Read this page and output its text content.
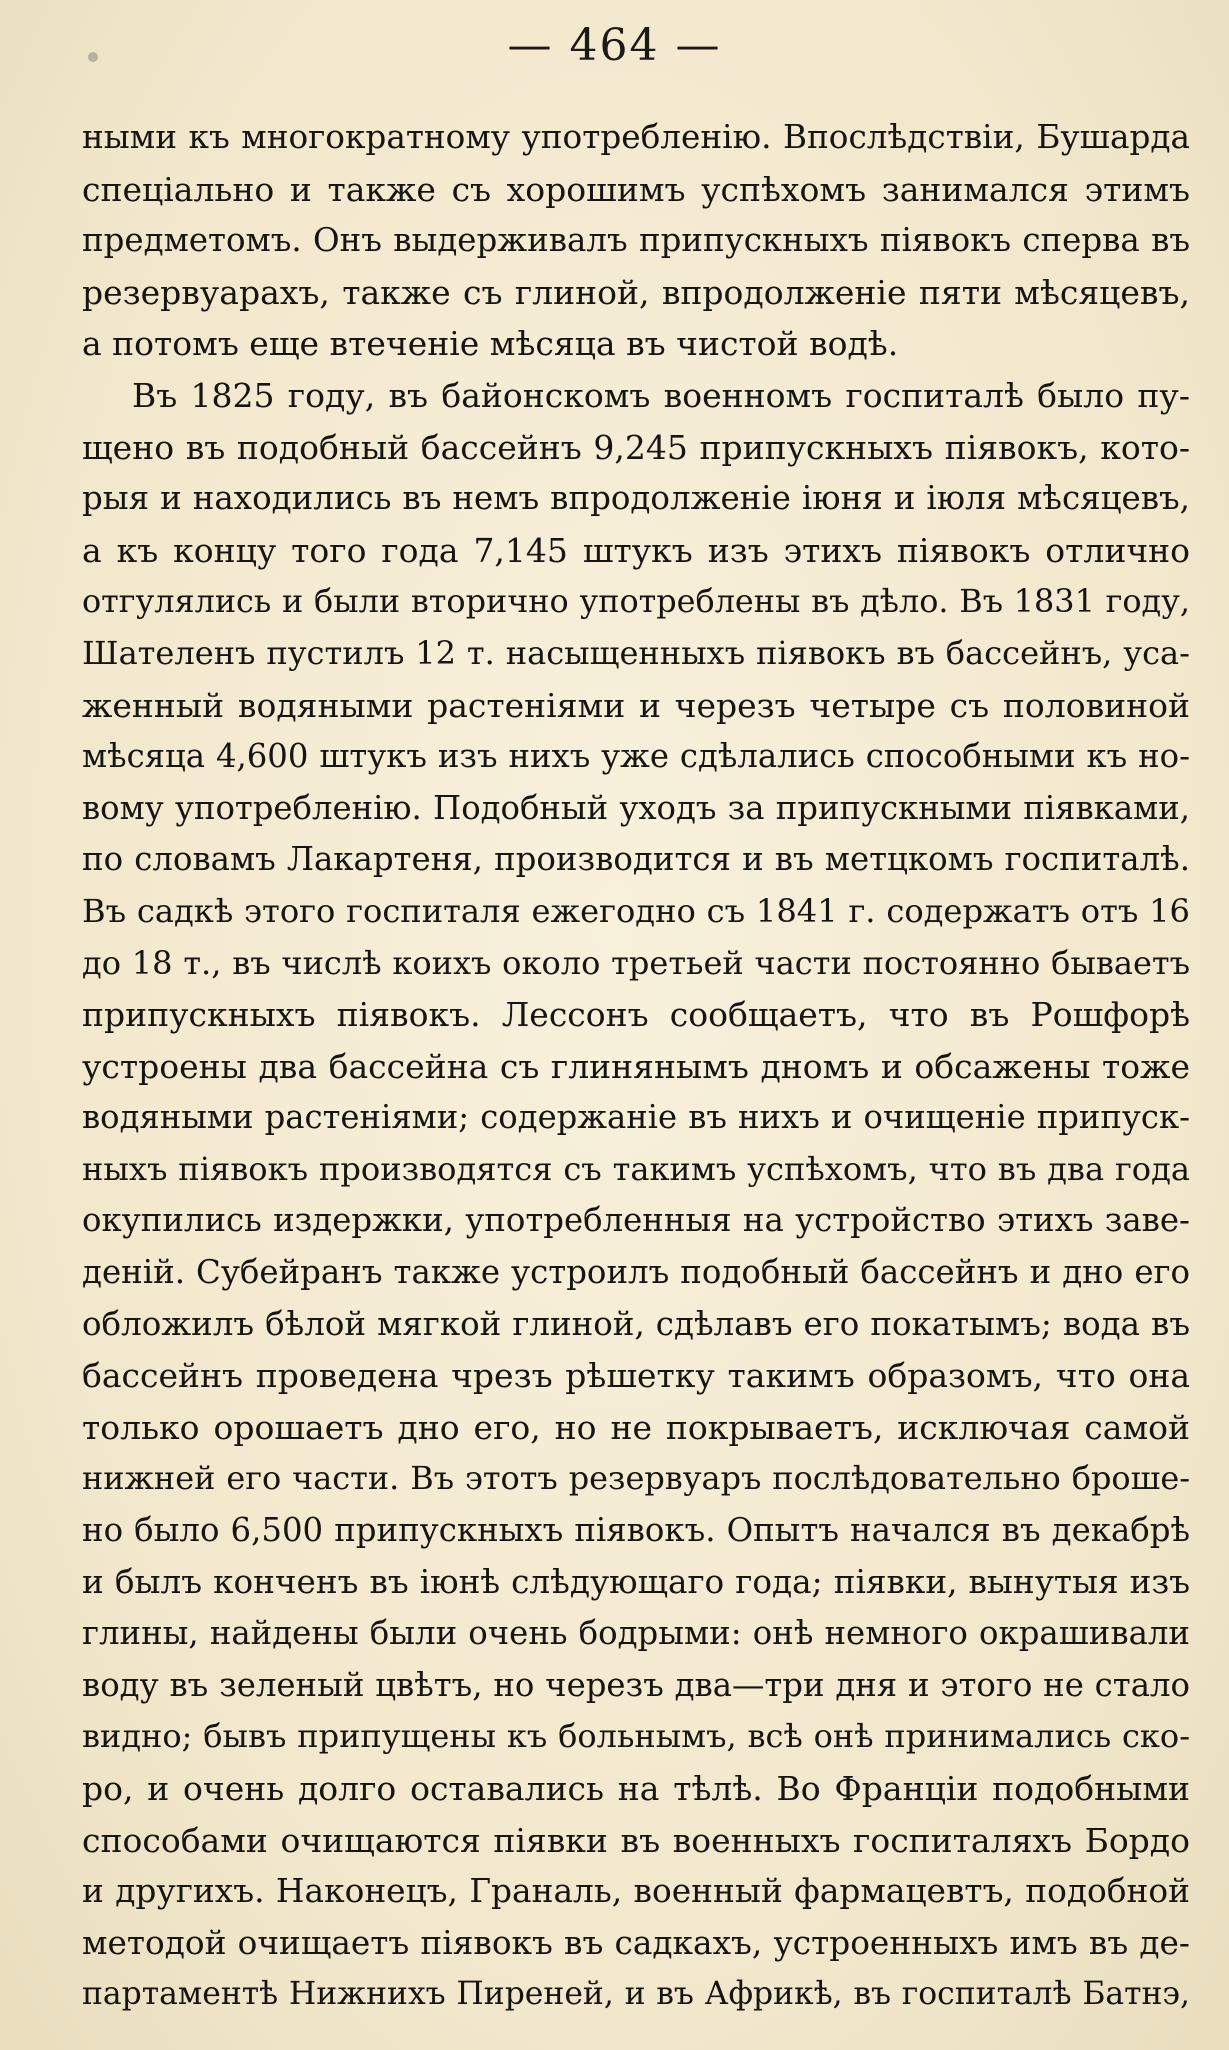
— 464 —
ными къ многократному употребленію. Впослѣдствіи, Бушарда
спеціально и также съ хорошимъ успѣхомъ занимался этимъ
предметомъ. Онъ выдерживалъ припускныхъ піявокъ сперва въ
резервуарахъ, также съ глиной, впродолженіе пяти мѣсяцевъ,
а потомъ еще втеченіе мѣсяца въ чистой водѣ.
Въ 1825 году, въ байонскомъ военномъ госпиталѣ было пу-
щено въ подобный бассейнъ 9,245 припускныхъ піявокъ, кото-
рыя и находились въ немъ впродолженіе іюня и іюля мѣсяцевъ,
а къ концу того года 7,145 штукъ изъ этихъ піявокъ отлично
отгулялись и были вторично употреблены въ дѣло. Въ 1831 году,
Шателенъ пустилъ 12 т. насыщенныхъ піявокъ въ бассейнъ, уса-
женный водяными растеніями и черезъ четыре съ половиной
мѣсяца 4,600 штукъ изъ нихъ уже сдѣлались способными къ но-
вому употребленію. Подобный уходъ за припускными піявками,
по словамъ Лакартеня, производится и въ метцкомъ госпиталѣ.
Въ садкѣ этого госпиталя ежегодно съ 1841 г. содержатъ отъ 16
до 18 т., въ числѣ коихъ около третьей части постоянно бываетъ
припускныхъ піявокъ. Лессонъ сообщаетъ, что въ Рошфорѣ
устроены два бассейна съ глинянымъ дномъ и обсажены тоже
водяными растеніями; содержаніе въ нихъ и очищеніе припуск-
ныхъ піявокъ производятся съ такимъ успѣхомъ, что въ два года
окупились издержки, употребленныя на устройство этихъ заве-
деній. Субейранъ также устроилъ подобный бассейнъ и дно его
обложилъ бѣлой мягкой глиной, сдѣлавъ его покатымъ; вода въ
бассейнъ проведена чрезъ рѣшетку такимъ образомъ, что она
только орошаетъ дно его, но не покрываетъ, исключая самой
нижней его части. Въ этотъ резервуаръ послѣдовательно броше-
но было 6,500 припускныхъ піявокъ. Опытъ начался въ декабрѣ
и былъ конченъ въ іюнѣ слѣдующаго года; піявки, вынутыя изъ
глины, найдены были очень бодрыми: онѣ немного окрашивали
воду въ зеленый цвѣтъ, но черезъ два—три дня и этого не стало
видно; бывъ припущены къ больнымъ, всѣ онѣ принимались ско-
ро, и очень долго оставались на тѣлѣ. Во Франціи подобными
способами очищаются піявки въ военныхъ госпиталяхъ Бордо
и другихъ. Наконецъ, Граналь, военный фармацевтъ, подобной
методой очищаетъ піявокъ въ садкахъ, устроенныхъ имъ въ де-
партаментѣ Нижнихъ Пиреней, и въ Африкѣ, въ госпиталѣ Батнэ,
